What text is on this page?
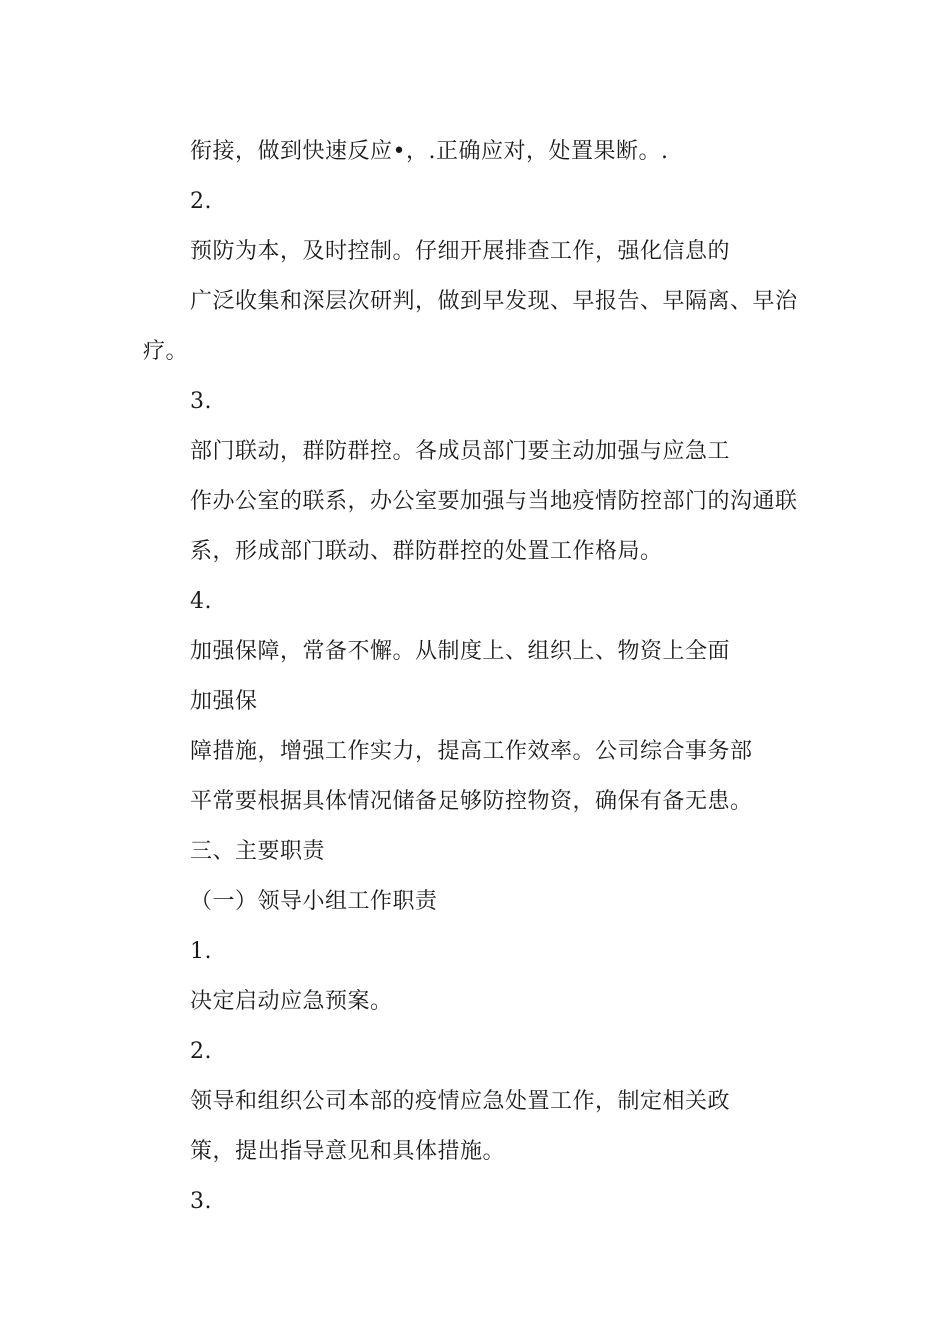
衔接，做到快速反应•，.正确应对，处置果断。.
2.
预防为本，及时控制。仔细开展排查工作，强化信息的
广泛收集和深层次研判，做到早发现、早报告、早隔离、早治
疗。
3.
部门联动，群防群控。各成员部门要主动加强与应急工
作办公室的联系，办公室要加强与当地疫情防控部门的沟通联
系，形成部门联动、群防群控的处置工作格局。
4.
加强保障，常备不懈。从制度上、组织上、物资上全面
加强保
障措施，增强工作实力，提高工作效率。公司综合事务部
平常要根据具体情况储备足够防控物资，确保有备无患。
三、主要职责
（一）领导小组工作职责
1.
决定启动应急预案。
2.
领导和组织公司本部的疫情应急处置工作，制定相关政
策，提出指导意见和具体措施。
3.
